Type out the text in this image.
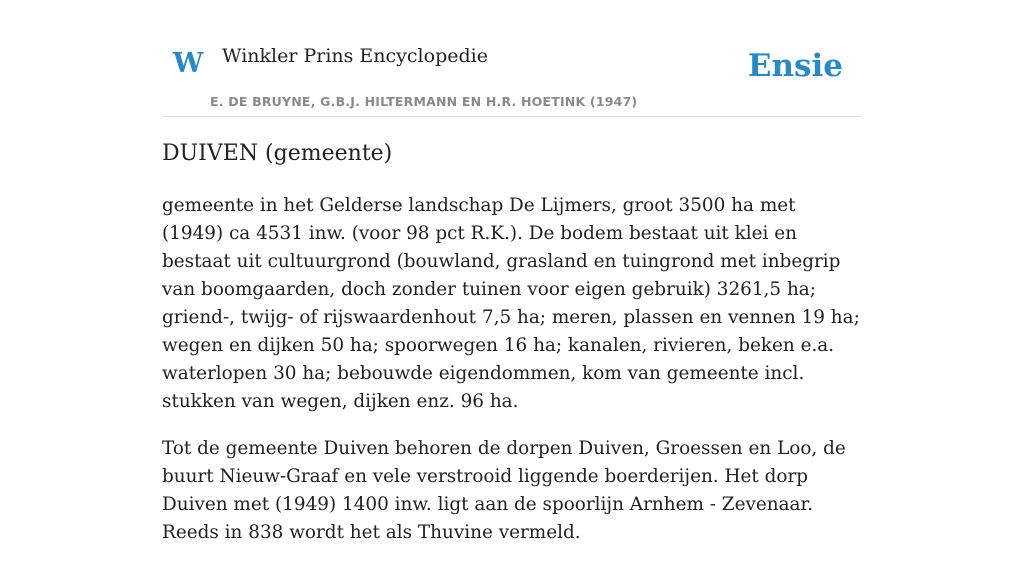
W Winkler Prins Encyclopedie
E. DE BRUYNE, G.B.J. HILTERMANN EN H.R. HOETINK (1947)
Ensie
DUIVEN (gemeente)

gemeente in het Gelderse landschap De Lijmers, groot 3500 ha met (1949) ca 4531 inw. (voor 98 pct R.K.). De bodem bestaat uit klei en bestaat uit cultuurgrond (bouwland, grasland en tuingrond met inbegrip van boomgaarden, doch zonder tuinen voor eigen gebruik) 3261,5 ha; griend-, twijg- of rijswaardenhout 7,5 ha; meren, plassen en vennen 19 ha; wegen en dijken 50 ha; spoorwegen 16 ha; kanalen, rivieren, beken e.a. waterlopen 30 ha; bebouwde eigendommen, kom van gemeente incl. stukken van wegen, dijken enz. 96 ha.

Tot de gemeente Duiven behoren de dorpen Duiven, Groessen en Loo, de buurt Nieuw-Graaf en vele verstrooid liggende boerderijen. Het dorp Duiven met (1949) 1400 inw. ligt aan de spoorlijn Arnhem - Zevenaar. Reeds in 838 wordt het als Thuvine vermeld.
